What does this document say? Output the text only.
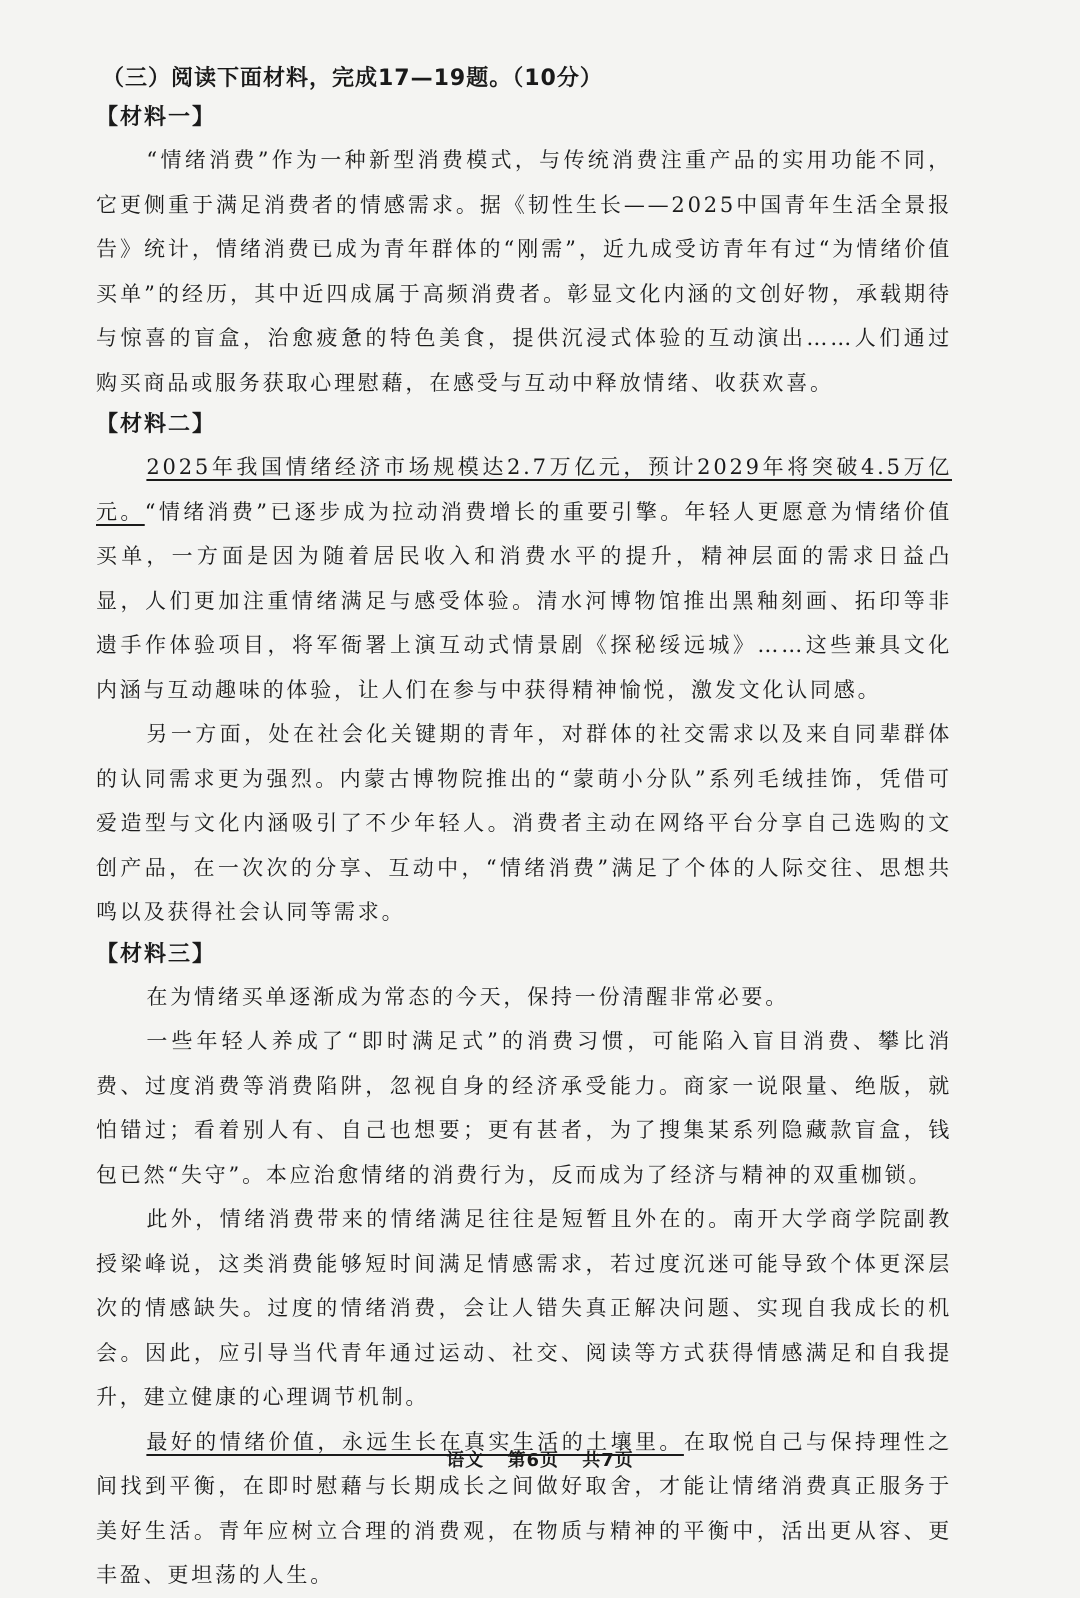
（三）阅读下面材料，完成17—19题。（10分）
【材料一】

“情绪消费”作为一种新型消费模式，与传统消费注重产品的实用功能不同，它更侧重于满足消费者的情感需求。据《韧性生长——2025中国青年生活全景报告》统计，情绪消费已成为青年群体的“刚需”，近九成受访青年有过“为情绪价值买单”的经历，其中近四成属于高频消费者。彰显文化内涵的文创好物，承载期待与惊喜的盲盒，治愈疲惫的特色美食，提供沉浸式体验的互动演出……人们通过购买商品或服务获取心理慰藉，在感受与互动中释放情绪、收获欢喜。

【材料二】

2025年我国情绪经济市场规模达2.7万亿元，预计2029年将突破4.5万亿元。“情绪消费”已逐步成为拉动消费增长的重要引擎。年轻人更愿意为情绪价值买单，一方面是因为随着居民收入和消费水平的提升，精神层面的需求日益凸显，人们更加注重情绪满足与感受体验。清水河博物馆推出黑釉刻画、拓印等非遗手作体验项目，将军衙署上演互动式情景剧《探秘绥远城》……这些兼具文化内涵与互动趣味的体验，让人们在参与中获得精神愉悦，激发文化认同感。

另一方面，处在社会化关键期的青年，对群体的社交需求以及来自同辈群体的认同需求更为强烈。内蒙古博物院推出的“蒙萌小分队”系列毛绒挂饰，凭借可爱造型与文化内涵吸引了不少年轻人。消费者主动在网络平台分享自己选购的文创产品，在一次次的分享、互动中，“情绪消费”满足了个体的人际交往、思想共鸣以及获得社会认同等需求。

【材料三】

在为情绪买单逐渐成为常态的今天，保持一份清醒非常必要。

一些年轻人养成了“即时满足式”的消费习惯，可能陷入盲目消费、攀比消费、过度消费等消费陷阱，忽视自身的经济承受能力。商家一说限量、绝版，就怕错过；看着别人有、自己也想要；更有甚者，为了搜集某系列隐藏款盲盒，钱包已然“失守”。本应治愈情绪的消费行为，反而成为了经济与精神的双重枷锁。

此外，情绪消费带来的情绪满足往往是短暂且外在的。南开大学商学院副教授梁峰说，这类消费能够短时间满足情感需求，若过度沉迷可能导致个体更深层次的情感缺失。过度的情绪消费，会让人错失真正解决问题、实现自我成长的机会。因此，应引导当代青年通过运动、社交、阅读等方式获得情感满足和自我提升，建立健康的心理调节机制。

最好的情绪价值，永远生长在真实生活的土壤里。在取悦自己与保持理性之间找到平衡，在即时慰藉与长期成长之间做好取舍，才能让情绪消费真正服务于美好生活。青年应树立合理的消费观，在物质与精神的平衡中，活出更从容、更丰盈、更坦荡的人生。

语文 第6页 共7页
